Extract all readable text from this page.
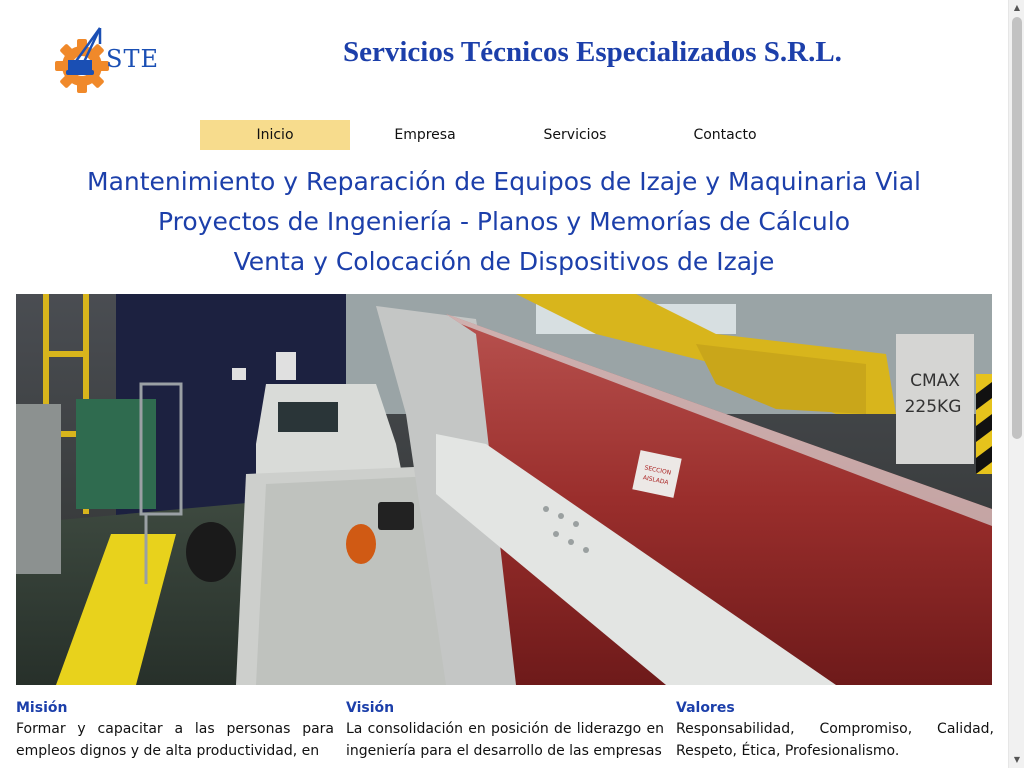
STE	Servicios Técnicos Especializados S.R.L.
Inicio	Empresa	Servicios	Contacto
Mantenimiento y Reparación de Equipos de Izaje y Maquinaria Vial
Proyectos de Ingeniería - Planos y Memorías de Cálculo
Venta y Colocación de Dispositivos de Izaje
CMAX
225KG
SECCION
AISLADA
Misión

Formar y capacitar a las personas para empleos dignos y de alta productividad, en

Visión

La consolidación en posición de liderazgo en ingeniería para el desarrollo de las empresas

Valores

Responsabilidad, Compromiso, Calidad, Respeto, Ética, Profesionalismo.

▲
▼
